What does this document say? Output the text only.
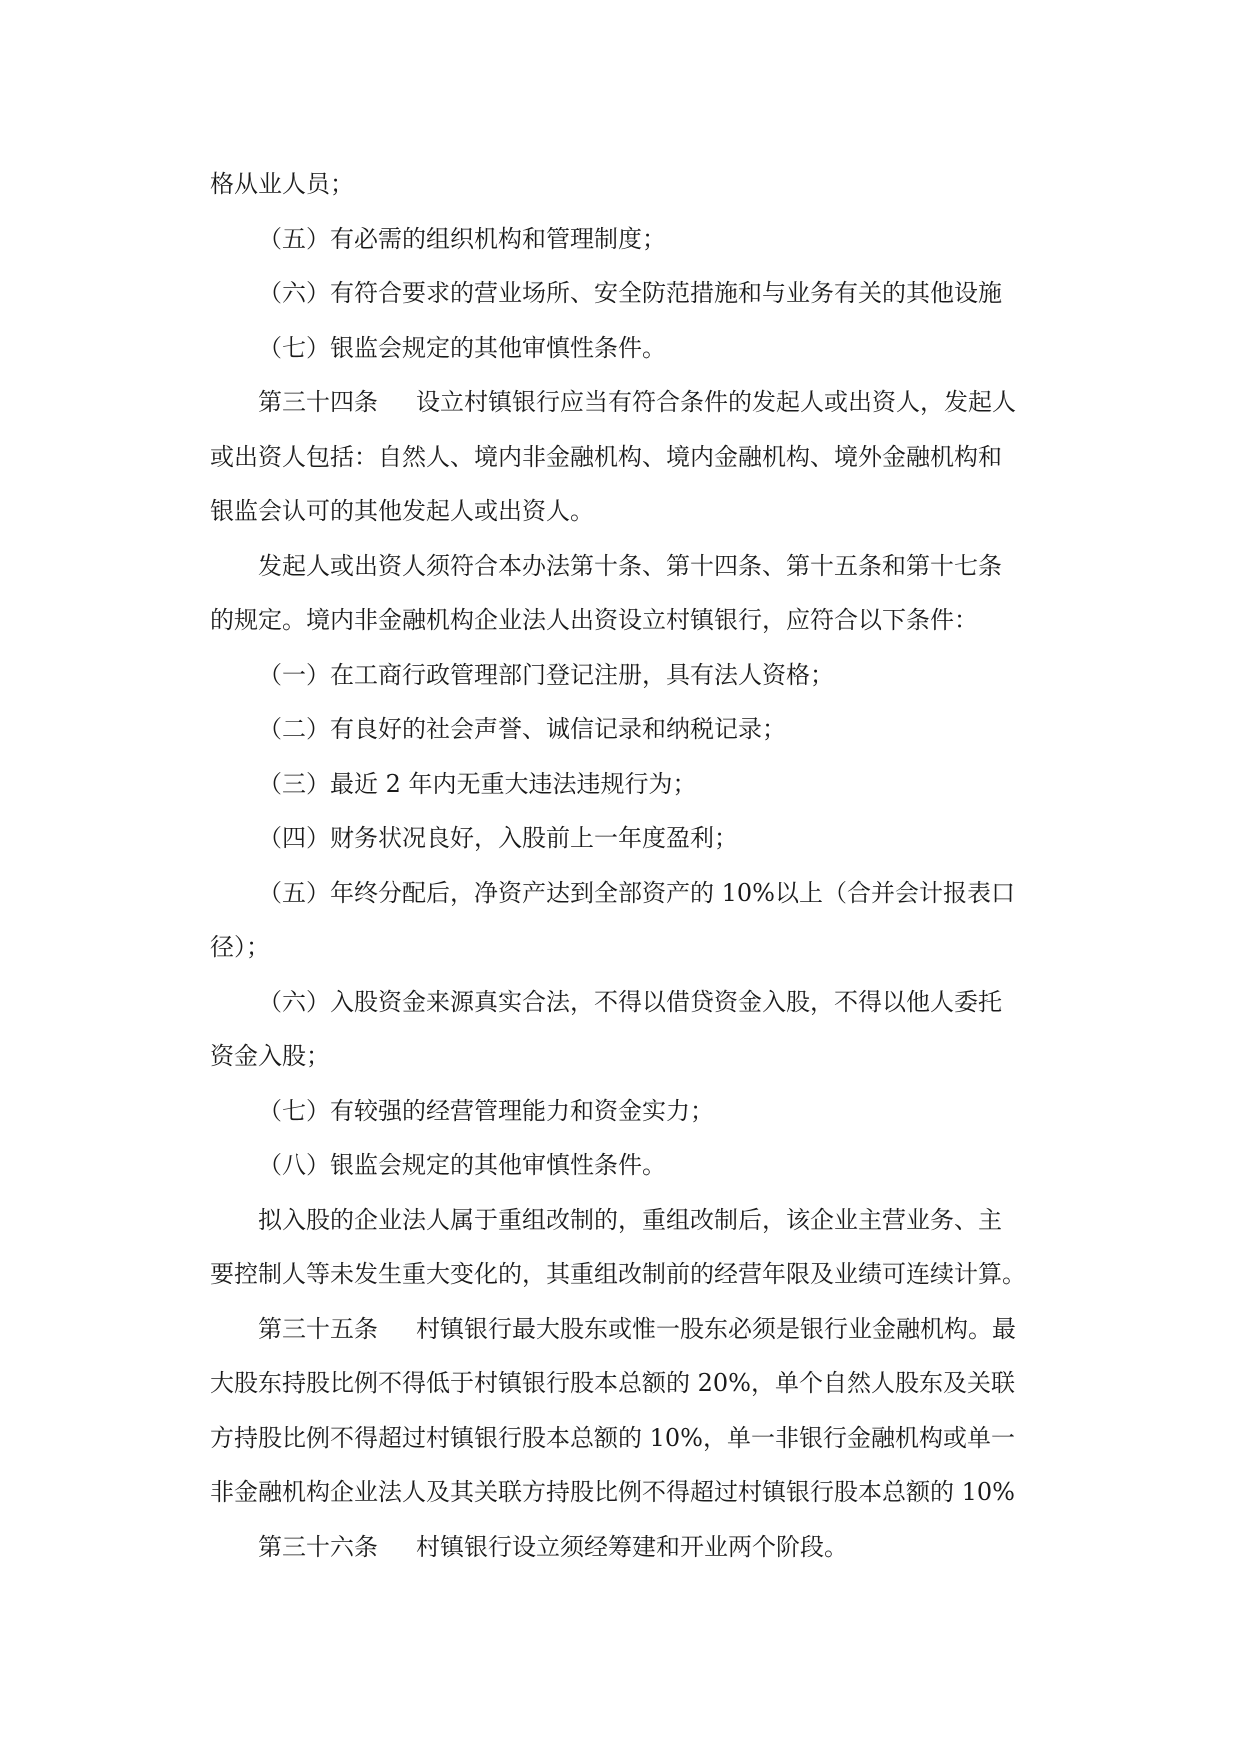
格从业人员；
（五）有必需的组织机构和管理制度；
（六）有符合要求的营业场所、安全防范措施和与业务有关的其他设施
（七）银监会规定的其他审慎性条件。
第三十四条 设立村镇银行应当有符合条件的发起人或出资人，发起人
或出资人包括：自然人、境内非金融机构、境内金融机构、境外金融机构和
银监会认可的其他发起人或出资人。
发起人或出资人须符合本办法第十条、第十四条、第十五条和第十七条
的规定。境内非金融机构企业法人出资设立村镇银行，应符合以下条件：
（一）在工商行政管理部门登记注册，具有法人资格；
（二）有良好的社会声誉、诚信记录和纳税记录；
（三）最近 2 年内无重大违法违规行为；
（四）财务状况良好，入股前上一年度盈利；
（五）年终分配后，净资产达到全部资产的 10%以上（合并会计报表口
径）；
（六）入股资金来源真实合法，不得以借贷资金入股，不得以他人委托
资金入股；
（七）有较强的经营管理能力和资金实力；
（八）银监会规定的其他审慎性条件。
拟入股的企业法人属于重组改制的，重组改制后，该企业主营业务、主
要控制人等未发生重大变化的，其重组改制前的经营年限及业绩可连续计算。
第三十五条 村镇银行最大股东或惟一股东必须是银行业金融机构。最
大股东持股比例不得低于村镇银行股本总额的 20%，单个自然人股东及关联
方持股比例不得超过村镇银行股本总额的 10%，单一非银行金融机构或单一
非金融机构企业法人及其关联方持股比例不得超过村镇银行股本总额的 10%
第三十六条 村镇银行设立须经筹建和开业两个阶段。
